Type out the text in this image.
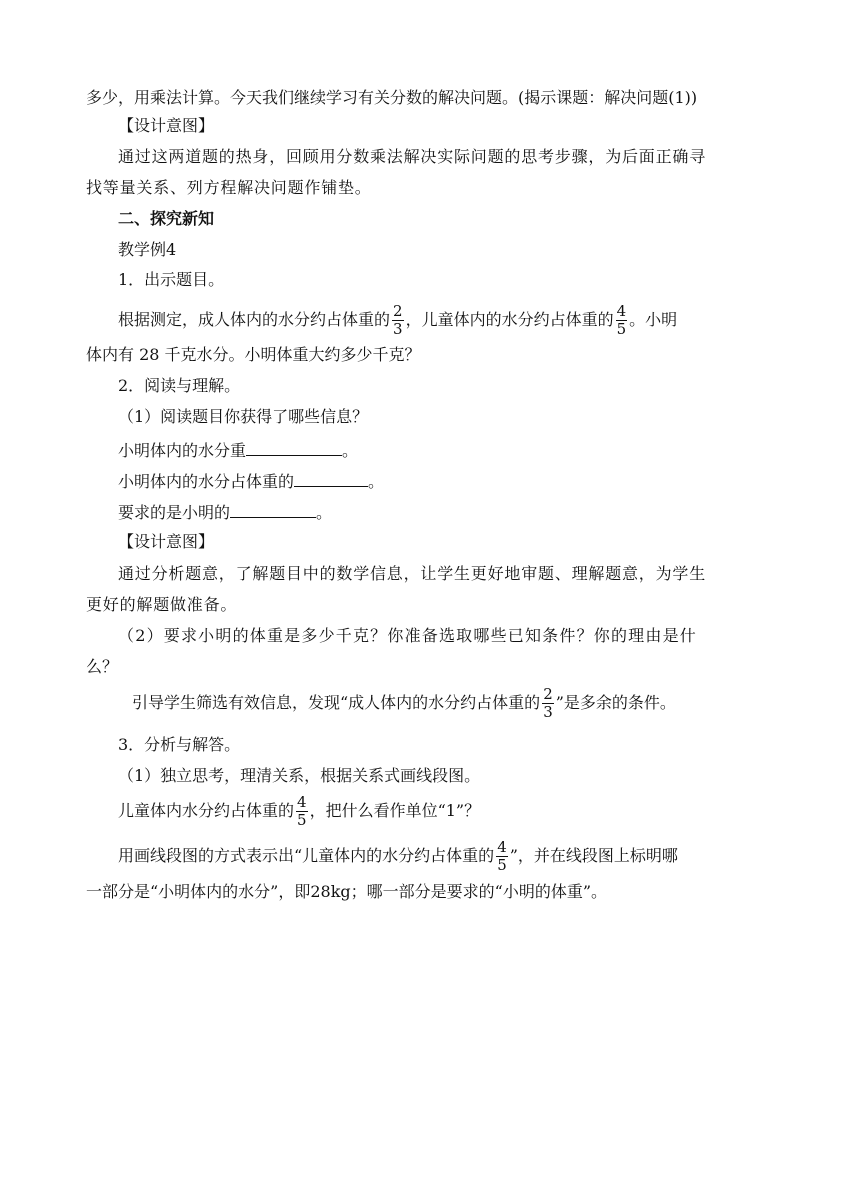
多少，用乘法计算。今天我们继续学习有关分数的解决问题。(揭示课题：解决问题(1))
【设计意图】
通过这两道题的热身，回顾用分数乘法解决实际问题的思考步骤，为后面正确寻
找等量关系、列方程解决问题作铺垫。
二、探究新知
教学例4
1．出示题目。
根据测定，成人体内的水分约占体重的 $\frac{2}{3}$ ，儿童体内的水分约占体重的 $\frac{4}{5}$ 。小明
体内有 28 千克水分。小明体重大约多少千克？
2．阅读与理解。
（1）阅读题目你获得了哪些信息？
小明体内的水分重	。
小明体内的水分占体重的	。
要求的是小明的	。
【设计意图】
通过分析题意，了解题目中的数学信息，让学生更好地审题、理解题意，为学生
更好的解题做准备。
（2）要求小明的体重是多少千克？你准备选取哪些已知条件？你的理由是什
么？
引导学生筛选有效信息，发现“成人体内的水分约占体重的 $\frac{2}{3}$ ”是多余的条件。
3．分析与解答。
（1）独立思考，理清关系，根据关系式画线段图。
儿童体内水分约占体重的 $\frac{4}{5}$ ，把什么看作单位“1”？
用画线段图的方式表示出“儿童体内的水分约占体重的 $\frac{4}{5}$ ”，并在线段图上标明哪
一部分是“小明体内的水分”，即28kg；哪一部分是要求的“小明的体重”。
